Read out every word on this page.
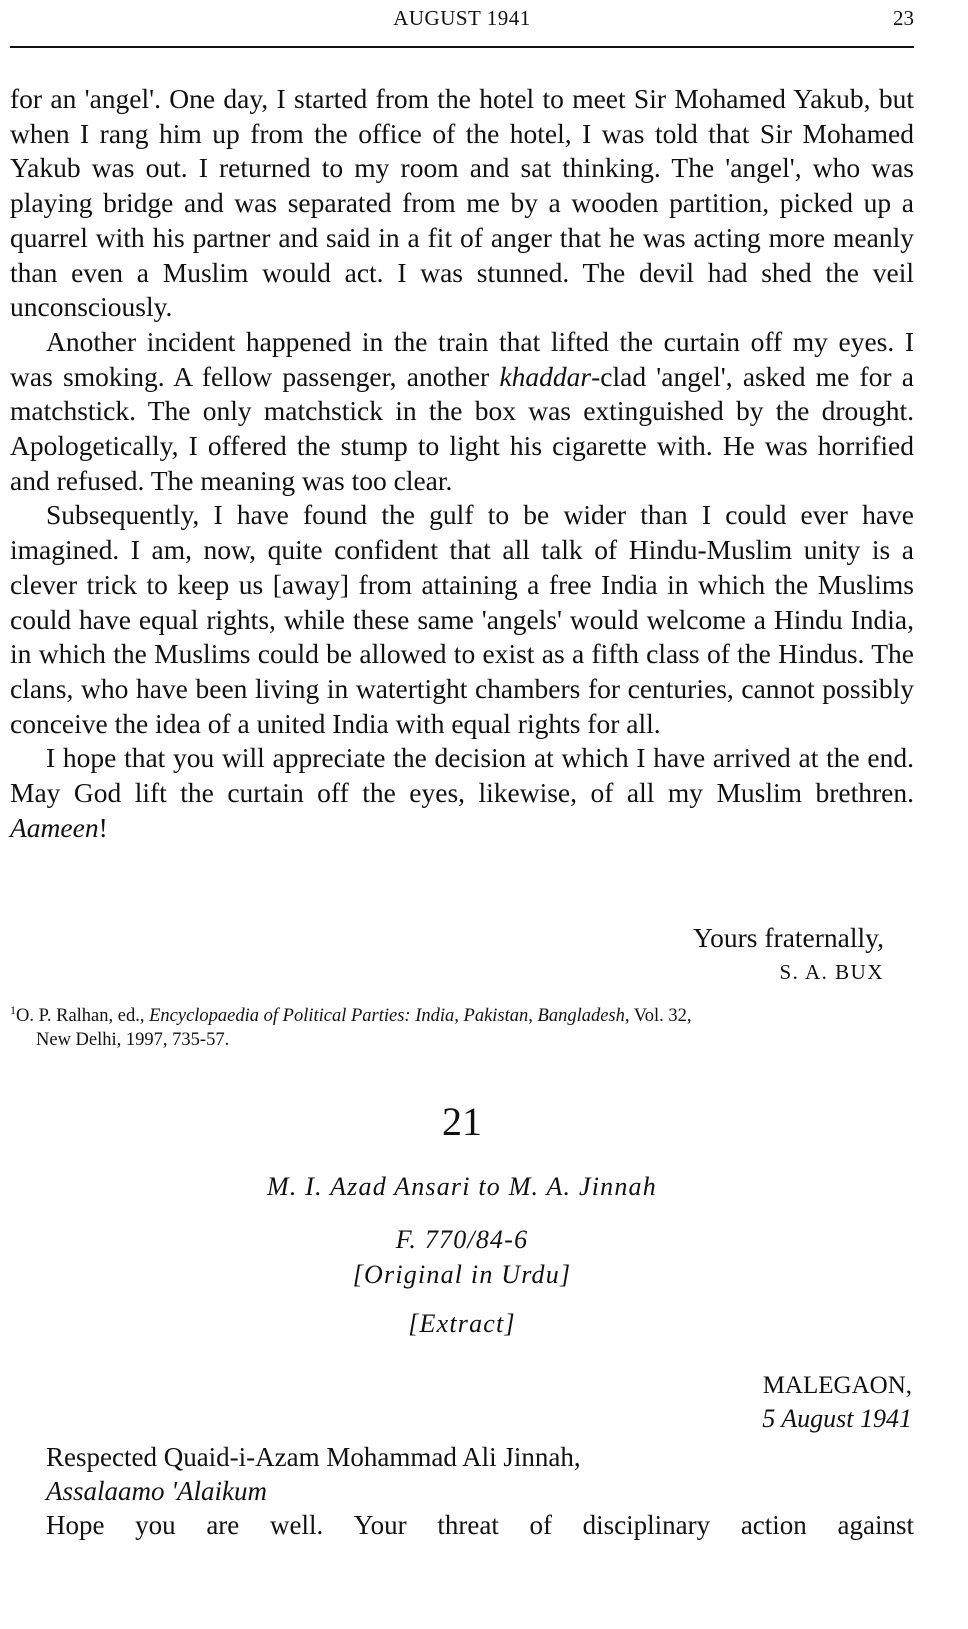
AUGUST 1941	23

for an 'angel'. One day, I started from the hotel to meet Sir Mohamed Yakub, but when I rang him up from the office of the hotel, I was told that Sir Mohamed Yakub was out. I returned to my room and sat thinking. The 'angel', who was playing bridge and was separated from me by a wooden partition, picked up a quarrel with his partner and said in a fit of anger that he was acting more meanly than even a Muslim would act. I was stunned. The devil had shed the veil unconsciously.

Another incident happened in the train that lifted the curtain off my eyes. I was smoking. A fellow passenger, another khaddar-clad 'angel', asked me for a matchstick. The only matchstick in the box was extinguished by the drought. Apologetically, I offered the stump to light his cigarette with. He was horrified and refused. The meaning was too clear.

Subsequently, I have found the gulf to be wider than I could ever have imagined. I am, now, quite confident that all talk of Hindu-Muslim unity is a clever trick to keep us [away] from attaining a free India in which the Muslims could have equal rights, while these same 'angels' would welcome a Hindu India, in which the Muslims could be allowed to exist as a fifth class of the Hindus. The clans, who have been living in watertight chambers for centuries, cannot possibly conceive the idea of a united India with equal rights for all.

I hope that you will appreciate the decision at which I have arrived at the end. May God lift the curtain off the eyes, likewise, of all my Muslim brethren. Aameen!

Yours fraternally,
S. A. BUX
$^1$O. P. Ralhan, ed., Encyclopaedia of Political Parties: India, Pakistan, Bangladesh, Vol. 32,
New Delhi, 1997, 735-57.
21
M. I. Azad Ansari to M. A. Jinnah
F. 770/84-6
[Original in Urdu]
[Extract]
MALEGAON,
5 August 1941
Respected Quaid-i-Azam Mohammad Ali Jinnah,
Assalaamo 'Alaikum
Hope you are well. Your threat of disciplinary action against
